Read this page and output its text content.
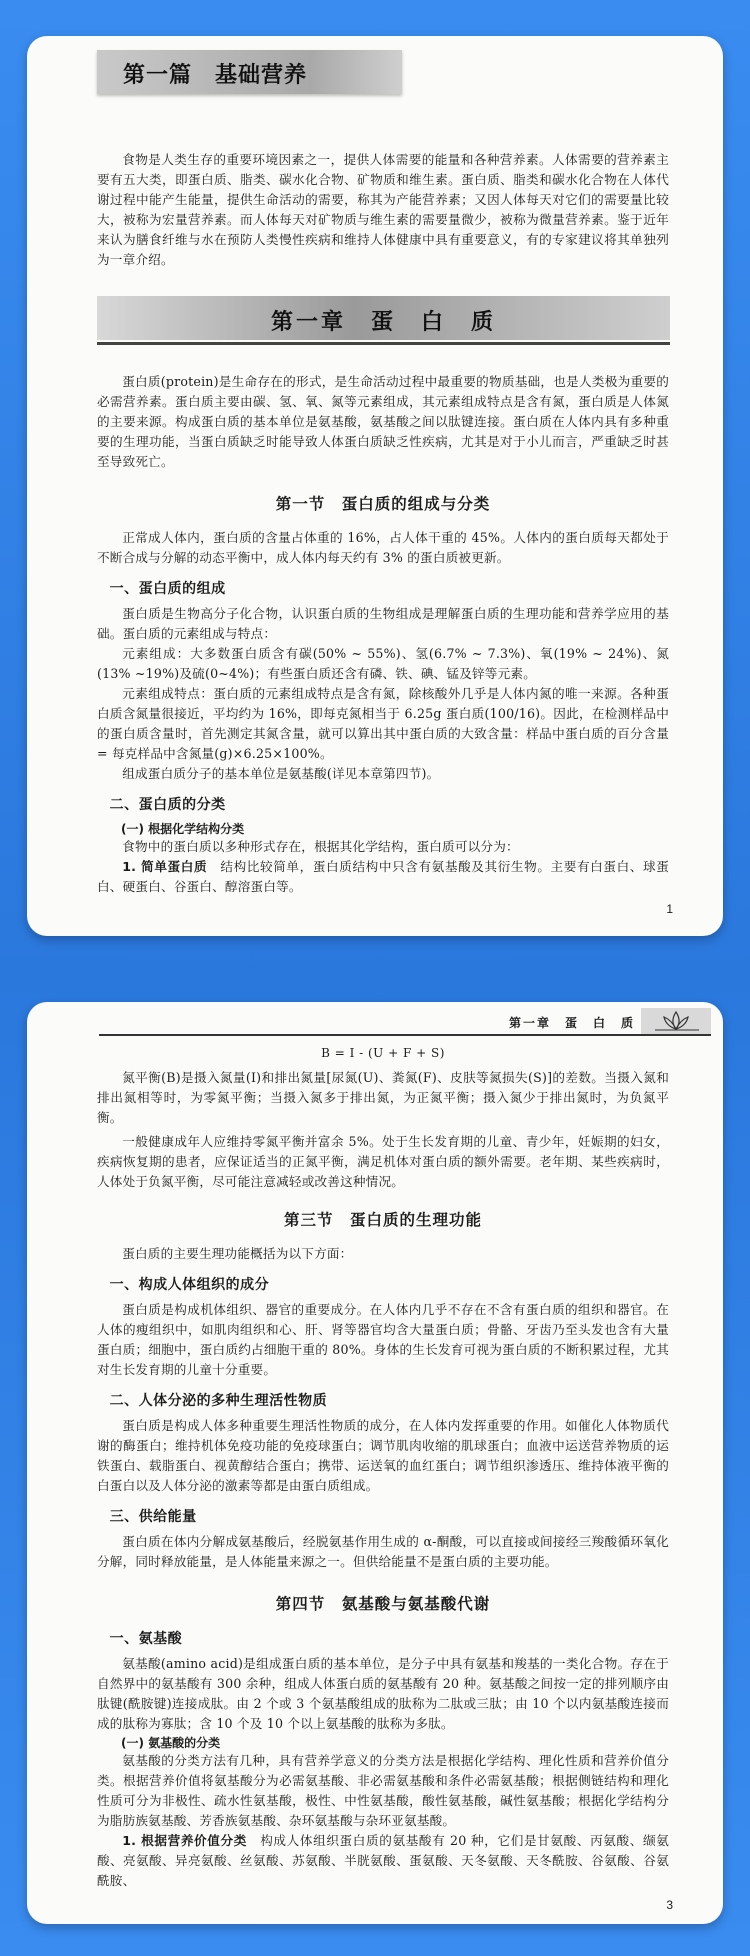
第一篇　基础营养

食物是人类生存的重要环境因素之一，提供人体需要的能量和各种营养素。人体需要的营养素主要有五大类，即蛋白质、脂类、碳水化合物、矿物质和维生素。蛋白质、脂类和碳水化合物在人体代谢过程中能产生能量，提供生命活动的需要，称其为产能营养素；又因人体每天对它们的需要量比较大，被称为宏量营养素。而人体每天对矿物质与维生素的需要量微少，被称为微量营养素。鉴于近年来认为膳食纤维与水在预防人类慢性疾病和维持人体健康中具有重要意义，有的专家建议将其单独列为一章介绍。

第一章　蛋　白　质

蛋白质(protein)是生命存在的形式，是生命活动过程中最重要的物质基础，也是人类极为重要的必需营养素。蛋白质主要由碳、氢、氧、氮等元素组成，其元素组成特点是含有氮，蛋白质是人体氮的主要来源。构成蛋白质的基本单位是氨基酸，氨基酸之间以肽键连接。蛋白质在人体内具有多种重要的生理功能，当蛋白质缺乏时能导致人体蛋白质缺乏性疾病，尤其是对于小儿而言，严重缺乏时甚至导致死亡。

第一节　蛋白质的组成与分类

正常成人体内，蛋白质的含量占体重的 16%，占人体干重的 45%。人体内的蛋白质每天都处于不断合成与分解的动态平衡中，成人体内每天约有 3% 的蛋白质被更新。

一、蛋白质的组成

蛋白质是生物高分子化合物，认识蛋白质的生物组成是理解蛋白质的生理功能和营养学应用的基础。蛋白质的元素组成与特点：

元素组成：大多数蛋白质含有碳(50% ~ 55%)、氢(6.7% ~ 7.3%)、氧(19% ~ 24%)、氮(13% ~19%)及硫(0~4%)；有些蛋白质还含有磷、铁、碘、锰及锌等元素。

元素组成特点：蛋白质的元素组成特点是含有氮，除核酸外几乎是人体内氮的唯一来源。各种蛋白质含氮量很接近，平均约为 16%，即每克氮相当于 6.25g 蛋白质(100/16)。因此，在检测样品中的蛋白质含量时，首先测定其氮含量，就可以算出其中蛋白质的大致含量：样品中蛋白质的百分含量 = 每克样品中含氮量(g)×6.25×100%。

组成蛋白质分子的基本单位是氨基酸(详见本章第四节)。

二、蛋白质的分类
(一) 根据化学结构分类

食物中的蛋白质以多种形式存在，根据其化学结构，蛋白质可以分为：

1. 简单蛋白质　结构比较简单，蛋白质结构中只含有氨基酸及其衍生物。主要有白蛋白、球蛋白、硬蛋白、谷蛋白、醇溶蛋白等。

1
第一章　蛋　白　质
B = I - (U + F + S)

氮平衡(B)是摄入氮量(I)和排出氮量[尿氮(U)、粪氮(F)、皮肤等氮损失(S)]的差数。当摄入氮和排出氮相等时，为零氮平衡；当摄入氮多于排出氮，为正氮平衡；摄入氮少于排出氮时，为负氮平衡。

一般健康成年人应维持零氮平衡并富余 5%。处于生长发育期的儿童、青少年，妊娠期的妇女，疾病恢复期的患者，应保证适当的正氮平衡，满足机体对蛋白质的额外需要。老年期、某些疾病时，人体处于负氮平衡，尽可能注意减轻或改善这种情况。

第三节　蛋白质的生理功能

蛋白质的主要生理功能概括为以下方面：

一、构成人体组织的成分

蛋白质是构成机体组织、器官的重要成分。在人体内几乎不存在不含有蛋白质的组织和器官。在人体的瘦组织中，如肌肉组织和心、肝、肾等器官均含大量蛋白质；骨骼、牙齿乃至头发也含有大量蛋白质；细胞中，蛋白质约占细胞干重的 80%。身体的生长发育可视为蛋白质的不断积累过程，尤其对生长发育期的儿童十分重要。

二、人体分泌的多种生理活性物质

蛋白质是构成人体多种重要生理活性物质的成分，在人体内发挥重要的作用。如催化人体物质代谢的酶蛋白；维持机体免疫功能的免疫球蛋白；调节肌肉收缩的肌球蛋白；血液中运送营养物质的运铁蛋白、载脂蛋白、视黄醇结合蛋白；携带、运送氧的血红蛋白；调节组织渗透压、维持体液平衡的白蛋白以及人体分泌的激素等都是由蛋白质组成。

三、供给能量

蛋白质在体内分解成氨基酸后，经脱氨基作用生成的 α-酮酸，可以直接或间接经三羧酸循环氧化分解，同时释放能量，是人体能量来源之一。但供给能量不是蛋白质的主要功能。

第四节　氨基酸与氨基酸代谢
一、氨基酸

氨基酸(amino acid)是组成蛋白质的基本单位，是分子中具有氨基和羧基的一类化合物。存在于自然界中的氨基酸有 300 余种，组成人体蛋白质的氨基酸有 20 种。氨基酸之间按一定的排列顺序由肽键(酰胺键)连接成肽。由 2 个或 3 个氨基酸组成的肽称为二肽或三肽；由 10 个以内氨基酸连接而成的肽称为寡肽；含 10 个及 10 个以上氨基酸的肽称为多肽。

(一) 氨基酸的分类

氨基酸的分类方法有几种，具有营养学意义的分类方法是根据化学结构、理化性质和营养价值分类。根据营养价值将氨基酸分为必需氨基酸、非必需氨基酸和条件必需氨基酸；根据侧链结构和理化性质可分为非极性、疏水性氨基酸，极性、中性氨基酸，酸性氨基酸，碱性氨基酸；根据化学结构分为脂肪族氨基酸、芳香族氨基酸、杂环氨基酸与杂环亚氨基酸。

1. 根据营养价值分类　构成人体组织蛋白质的氨基酸有 20 种，它们是甘氨酸、丙氨酸、缬氨酸、亮氨酸、异亮氨酸、丝氨酸、苏氨酸、半胱氨酸、蛋氨酸、天冬氨酸、天冬酰胺、谷氨酸、谷氨酰胺、

3
